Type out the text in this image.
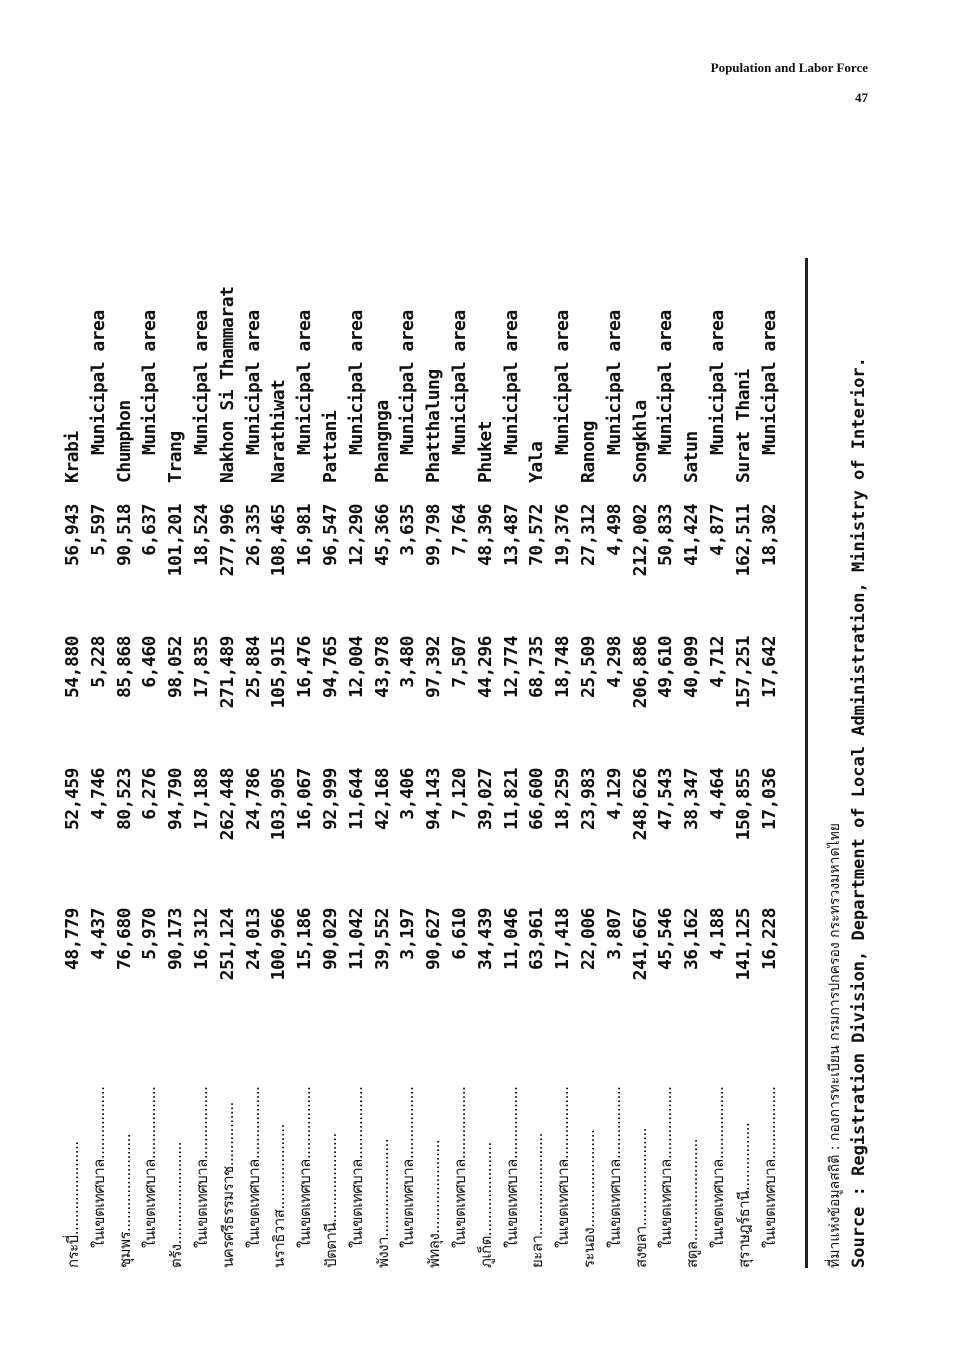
Population and Labor Force
47
กระบี่......................
48,779
52,459
54,880
56,943
Krabi
ในเขตเทศบาล.................
4,437
4,746
5,228
5,597
Municipal area
ชุมพร.......................
76,680
80,523
85,868
90,518
Chumphon
ในเขตเทศบาล.................
5,970
6,276
6,460
6,637
Municipal area
ตรัง........................
90,173
94,790
98,052
101,201
Trang
ในเขตเทศบาล.................
16,312
17,188
17,835
18,524
Municipal area
นครศรีธรรมราช...............
251,124
262,448
271,489
277,996
Nakhon Si Thammarat
ในเขตเทศบาล.................
24,013
24,786
25,884
26,335
Municipal area
นราธิวาส....................
100,966
103,905
105,915
108,465
Narathiwat
ในเขตเทศบาล.................
15,186
16,067
16,476
16,981
Municipal area
ปัตตานี.....................
90,029
92,999
94,765
96,547
Pattani
ในเขตเทศบาล.................
11,042
11,644
12,004
12,290
Municipal area
พังงา.......................
39,552
42,168
43,978
45,366
Phangnga
ในเขตเทศบาล.................
3,197
3,406
3,480
3,635
Municipal area
พัทลุง......................
90,627
94,143
97,392
99,798
Phatthalung
ในเขตเทศบาล.................
6,610
7,120
7,507
7,764
Municipal area
ภูเก็ต......................
34,439
39,027
44,296
48,396
Phuket
ในเขตเทศบาล.................
11,046
11,821
12,774
13,487
Municipal area
ยะลา........................
63,961
66,600
68,735
70,572
Yala
ในเขตเทศบาล.................
17,418
18,259
18,748
19,376
Municipal area
ระนอง.......................
22,006
23,983
25,509
27,312
Ranong
ในเขตเทศบาล.................
3,807
4,129
4,298
4,498
Municipal area
สงขลา.......................
241,667
248,626
206,886
212,002
Songkhla
ในเขตเทศบาล.................
45,546
47,543
49,610
50,833
Municipal area
สตูล........................
36,162
38,347
40,099
41,424
Satun
ในเขตเทศบาล.................
4,188
4,464
4,712
4,877
Municipal area
สุราษฎร์ธานี................
141,125
150,855
157,251
162,511
Surat Thani
ในเขตเทศบาล.................
16,228
17,036
17,642
18,302
Municipal area
ที่มาแห่งข้อมูลสถิติ : กองการทะเบียน กรมการปกครอง กระทรวงมหาดไทย Source : Registration Division, Department of Local Administration, Ministry of Interior.
